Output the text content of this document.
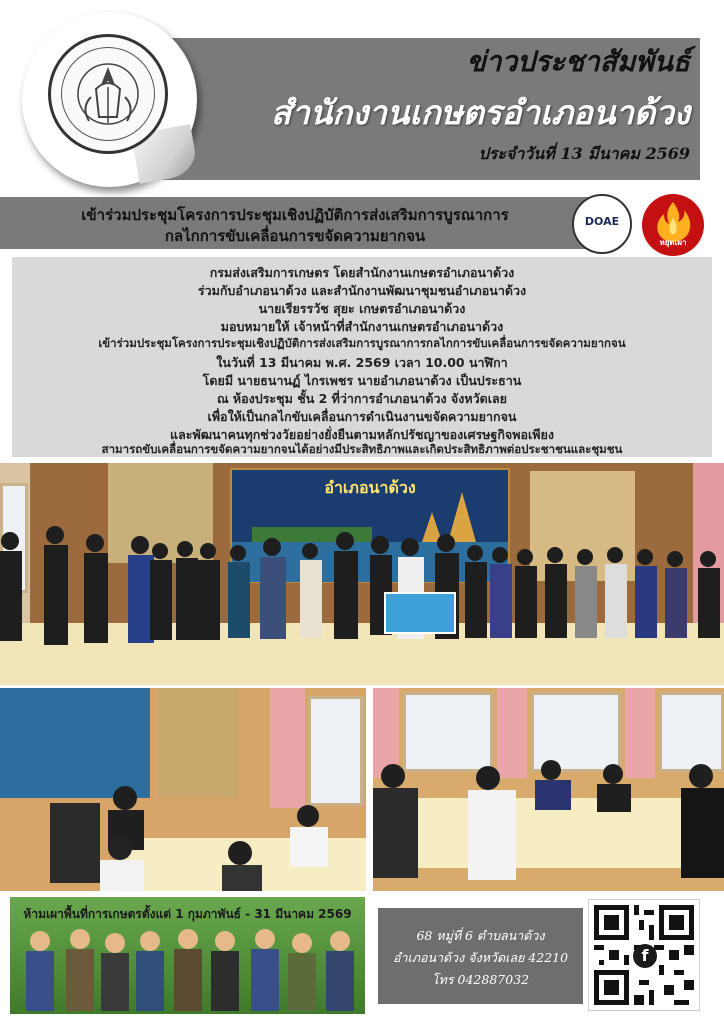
ข่าวประชาสัมพันธ์
สำนักงานเกษตรอำเภอนาด้วง
ประจำวันที่ 13 มีนาคม 2569
เข้าร่วมประชุมโครงการประชุมเชิงปฏิบัติการส่งเสริมการบูรณาการ
กลไกการขับเคลื่อนการขจัดความยากจน
DOAE
หยุดเผา
กรมส่งเสริมการเกษตร โดยสำนักงานเกษตรอำเภอนาด้วง
ร่วมกับอำเภอนาด้วง และสำนักงานพัฒนาชุมชนอำเภอนาด้วง
นายเรียรรวัช สุยะ เกษตรอำเภอนาด้วง
มอบหมายให้ เจ้าหน้าที่สำนักงานเกษตรอำเภอนาด้วง
เข้าร่วมประชุมโครงการประชุมเชิงปฏิบัติการส่งเสริมการบูรณาการกลไกการขับเคลื่อนการขจัดความยากจน
ในวันที่ 13 มีนาคม พ.ศ. 2569 เวลา 10.00 นาฬิกา
โดยมี นายธนานฏ์ ไกรเพชร นายอำเภอนาด้วง เป็นประธาน
ณ ห้องประชุม ชั้น 2 ที่ว่าการอำเภอนาด้วง จังหวัดเลย
เพื่อให้เป็นกลไกขับเคลื่อนการดำเนินงานขจัดความยากจน
และพัฒนาคนทุกช่วงวัยอย่างยั่งยืนตามหลักปรัชญาของเศรษฐกิจพอเพียง
สามารถขับเคลื่อนการขจัดความยากจนได้อย่างมีประสิทธิภาพและเกิดประสิทธิภาพต่อประชาชนและชุมชน
อำเภอนาด้วง
ห้ามเผาพื้นที่การเกษตรตั้งแต่ 1 กุมภาพันธ์ - 31 มีนาคม 2569
68 หมู่ที่ 6 ตำบลนาด้วง
อำเภอนาด้วง จังหวัดเลย 42210
โทร 042887032
f
